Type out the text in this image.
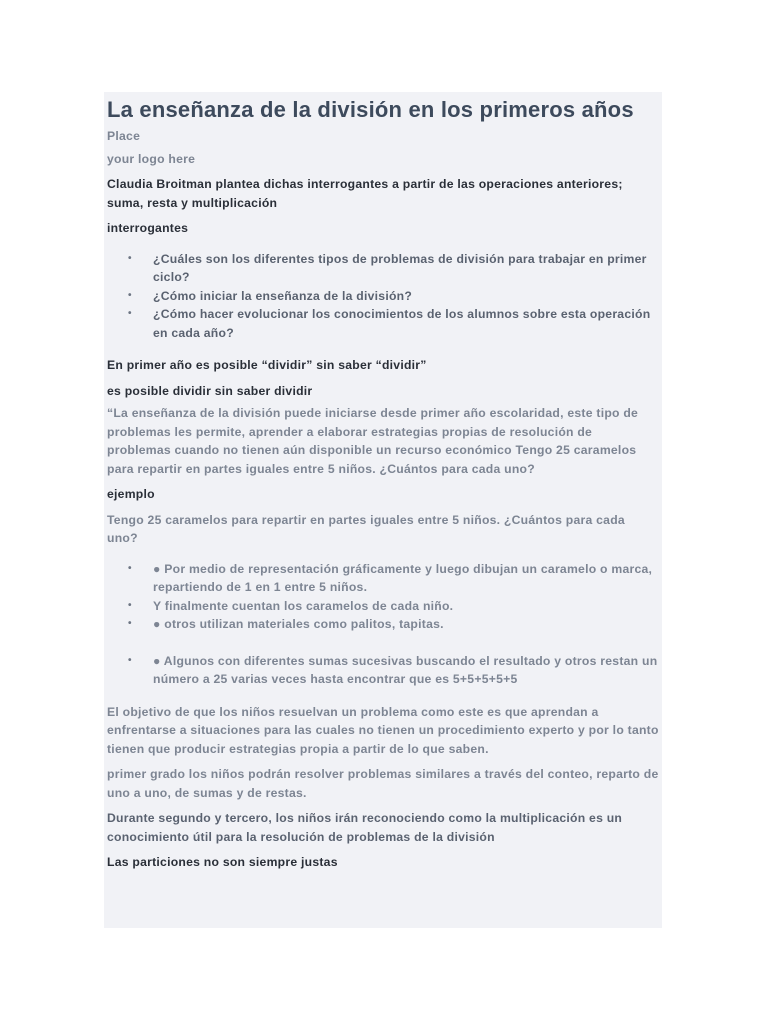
La enseñanza de la división en los primeros años

Place

your logo here

Claudia Broitman plantea dichas interrogantes a partir de las operaciones anteriores; suma, resta y multiplicación

interrogantes

• ¿Cuáles son los diferentes tipos de problemas de división para trabajar en primer ciclo?
• ¿Cómo iniciar la enseñanza de la división?
• ¿Cómo hacer evolucionar los conocimientos de los alumnos sobre esta operación en cada año?

En primer año es posible “dividir” sin saber “dividir”

es posible dividir sin saber dividir

“La enseñanza de la división puede iniciarse desde primer año escolaridad, este tipo de problemas les permite, aprender a elaborar estrategias propias de resolución de problemas cuando no tienen aún disponible un recurso económico Tengo 25 caramelos para repartir en partes iguales entre 5 niños. ¿Cuántos para cada uno?

ejemplo

Tengo 25 caramelos para repartir en partes iguales entre 5 niños. ¿Cuántos para cada uno?

• ● Por medio de representación gráficamente y luego dibujan un caramelo o marca, repartiendo de 1 en 1 entre 5 niños.
• Y finalmente cuentan los caramelos de cada niño.
• ● otros utilizan materiales como palitos, tapitas.
• ● Algunos con diferentes sumas sucesivas buscando el resultado y otros restan un número a 25 varias veces hasta encontrar que es 5+5+5+5+5

El objetivo de que los niños resuelvan un problema como este es que aprendan a enfrentarse a situaciones para las cuales no tienen un procedimiento experto y por lo tanto tienen que producir estrategias propia a partir de lo que saben.

primer grado los niños podrán resolver problemas similares a través del conteo, reparto de uno a uno, de sumas y de restas.

Durante segundo y tercero, los niños irán reconociendo como la multiplicación es un conocimiento útil para la resolución de problemas de la división

Las particiones no son siempre justas
